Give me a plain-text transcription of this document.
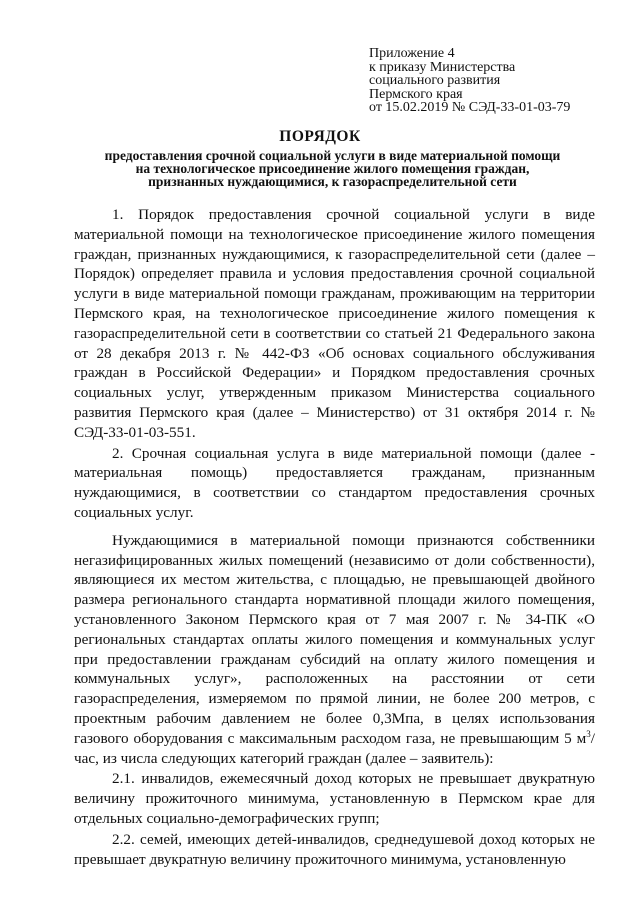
Приложение 4
к приказу Министерства
социального развития
Пермского края
от 15.02.2019 № СЭД-33-01-03-79
ПОРЯДОК
предоставления срочной социальной услуги в виде материальной помощи
на технологическое присоединение жилого помещения граждан,
признанных нуждающимися, к газораспределительной сети

1. Порядок предоставления срочной социальной услуги в виде материальной помощи на технологическое присоединение жилого помещения граждан, признанных нуждающимися, к газораспределительной сети (далее – Порядок) определяет правила и условия предоставления срочной социальной услуги в виде материальной помощи гражданам, проживающим на территории Пермского края, на технологическое присоединение жилого помещения к газораспределительной сети в соответствии со статьей 21 Федерального закона от 28 декабря 2013 г. № 442-ФЗ «Об основах социального обслуживания граждан в Российской Федерации» и Порядком предоставления срочных социальных услуг, утвержденным приказом Министерства социального развития Пермского края (далее – Министерство) от 31 октября 2014 г. № СЭД-33-01-03-551.

2. Срочная социальная услуга в виде материальной помощи (далее - материальная помощь) предоставляется гражданам, признанным нуждающимися, в соответствии со стандартом предоставления срочных социальных услуг.

Нуждающимися в материальной помощи признаются собственники негазифицированных жилых помещений (независимо от доли собственности), являющиеся их местом жительства, с площадью, не превышающей двойного размера регионального стандарта нормативной площади жилого помещения, установленного Законом Пермского края от 7 мая 2007 г. № 34-ПК «О региональных стандартах оплаты жилого помещения и коммунальных услуг при предоставлении гражданам субсидий на оплату жилого помещения и коммунальных услуг», расположенных на расстоянии от сети газораспределения, измеряемом по прямой линии, не более 200 метров, с проектным рабочим давлением не более 0,3Мпа, в целях использования газового оборудования с максимальным расходом газа, не превышающим 5 $м^3$/час, из числа следующих категорий граждан (далее – заявитель):

2.1. инвалидов, ежемесячный доход которых не превышает двукратную величину прожиточного минимума, установленную в Пермском крае для отдельных социально-демографических групп;

2.2. семей, имеющих детей-инвалидов, среднедушевой доход которых не превышает двукратную величину прожиточного минимума, установленную
